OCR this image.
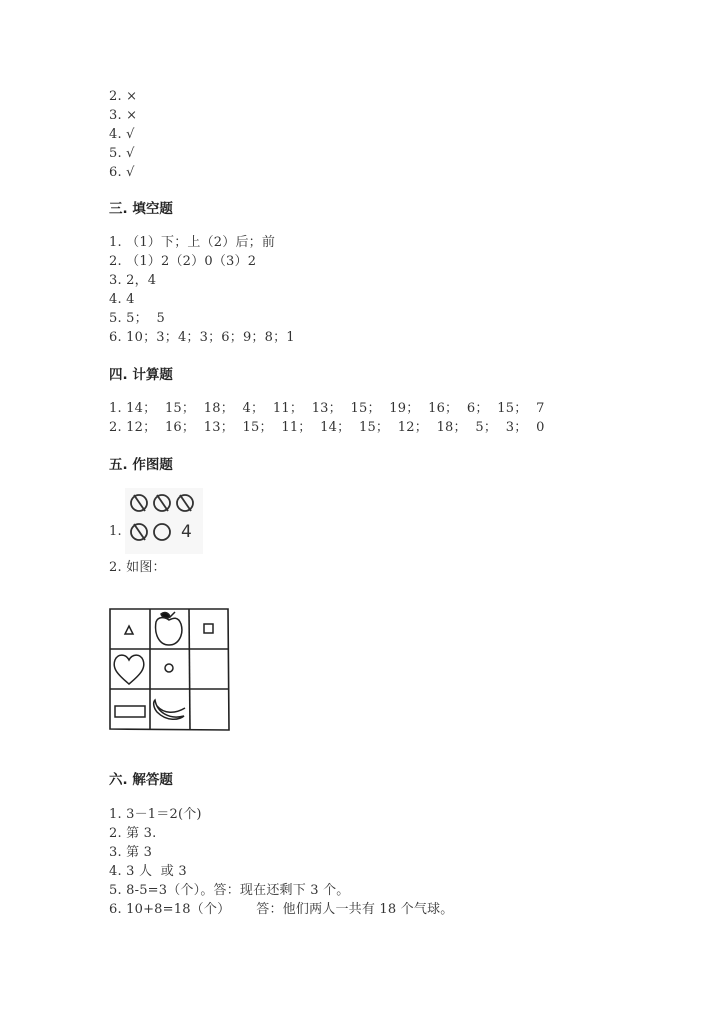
2. ×
3. ×
4. √
5. √
6. √
三. 填空题
1. （1）下；上（2）后；前
2. （1）2（2）0（3）2
3. 2，4
4. 4
5. 5；  5
6. 10；3；4；3；6；9；8；1
四. 计算题
1. 14；  15；  18；  4；  11；  13；  15；  19；  16；  6；  15；  7
2. 12；  16；  13；  15；  11；  14；  15；  12；  18；  5；  3；  0
五. 作图题
1.	4
2. 如图：
六. 解答题
1. 3－1＝2(个)
2. 第 3.
3. 第 3
4. 3 人  或 3
5. 8-5=3（个）。答：现在还剩下 3 个。
6. 10+8=18（个）      答：他们两人一共有 18 个气球。
